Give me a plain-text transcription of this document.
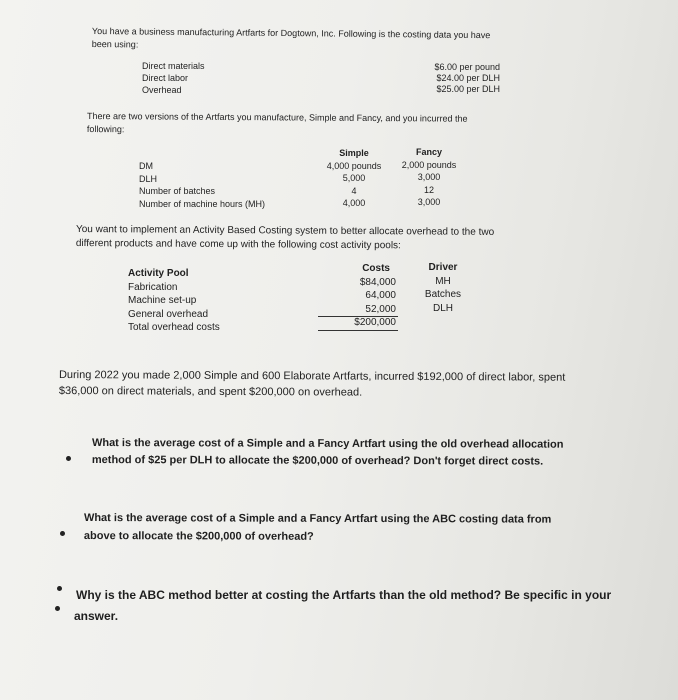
You have a business manufacturing Artfarts for Dogtown, Inc. Following is the costing data you have
been using:
Direct materials
Direct labor
Overhead
$6.00 per pound
$24.00 per DLH
$25.00 per DLH
There are two versions of the Artfarts you manufacture, Simple and Fancy, and you incurred the
following:
DM
DLH
Number of batches
Number of machine hours (MH)
Simple
4,000 pounds
5,000
4
4,000
Fancy
2,000 pounds
3,000
12
3,000
You want to implement an Activity Based Costing system to better allocate overhead to the two
different products and have come up with the following cost activity pools:
Activity Pool
Fabrication
Machine set-up
General overhead
Total overhead costs
Costs
$84,000
64,000
52,000
$200,000
Driver
MH
Batches
DLH
During 2022 you made 2,000 Simple and 600 Elaborate Artfarts, incurred $192,000 of direct labor, spent
$36,000 on direct materials, and spent $200,000 on overhead.
What is the average cost of a Simple and a Fancy Artfart using the old overhead allocation
method of $25 per DLH to allocate the $200,000 of overhead? Don't forget direct costs.
What is the average cost of a Simple and a Fancy Artfart using the ABC costing data from
above to allocate the $200,000 of overhead?
Why is the ABC method better at costing the Artfarts than the old method? Be specific in your
answer.
